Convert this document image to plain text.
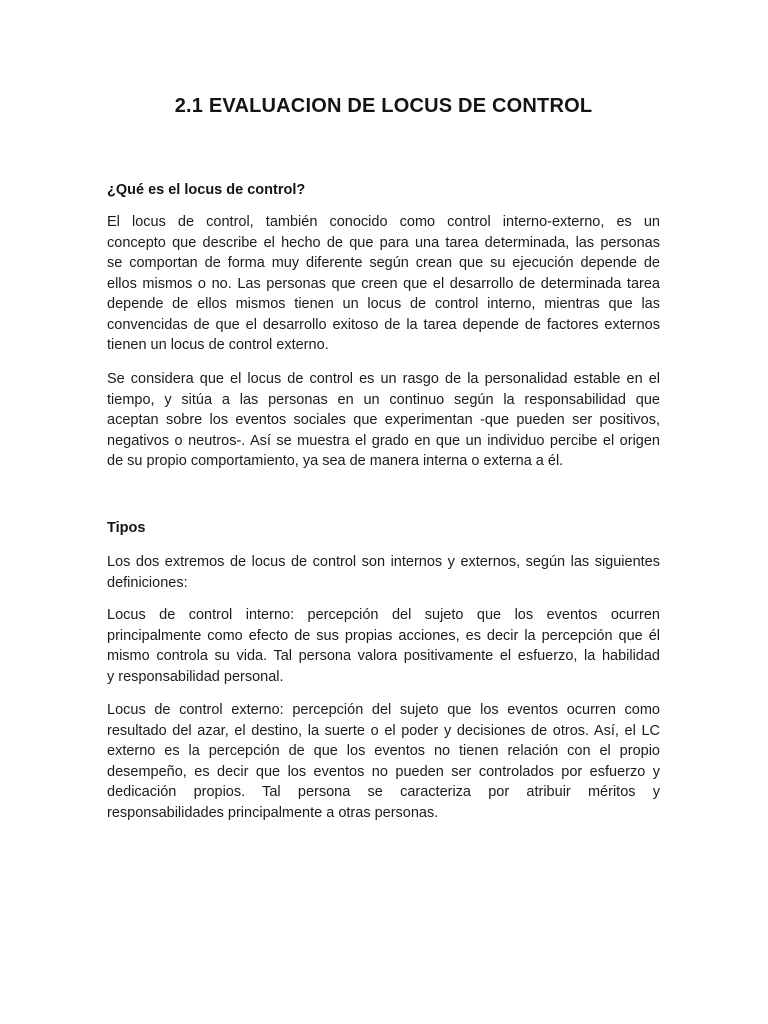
2.1 EVALUACION DE LOCUS DE CONTROL
¿Qué es el locus de control?

El locus de control, también conocido como control interno-externo, es un
concepto que describe el hecho de que para una tarea determinada, las personas
se comportan de forma muy diferente según crean que su ejecución depende de
ellos mismos o no. Las personas que creen que el desarrollo de determinada tarea
depende de ellos mismos tienen un locus de control interno, mientras que las
convencidas de que el desarrollo exitoso de la tarea depende de factores externos
tienen un locus de control externo.

Se considera que el locus de control es un rasgo de la personalidad estable en el
tiempo, y sitúa a las personas en un continuo según la responsabilidad que
aceptan sobre los eventos sociales que experimentan -que pueden ser positivos,
negativos o neutros-. Así se muestra el grado en que un individuo percibe el origen
de su propio comportamiento, ya sea de manera interna o externa a él.

Tipos

Los dos extremos de locus de control son internos y externos, según las siguientes
definiciones:

Locus de control interno: percepción del sujeto que los eventos ocurren
principalmente como efecto de sus propias acciones, es decir la percepción que él
mismo controla su vida. Tal persona valora positivamente el esfuerzo, la habilidad
y responsabilidad personal.

Locus de control externo: percepción del sujeto que los eventos ocurren como
resultado del azar, el destino, la suerte o el poder y decisiones de otros. Así, el LC
externo es la percepción de que los eventos no tienen relación con el propio
desempeño, es decir que los eventos no pueden ser controlados por esfuerzo y
dedicación propios. Tal persona se caracteriza por atribuir méritos y
responsabilidades principalmente a otras personas.
